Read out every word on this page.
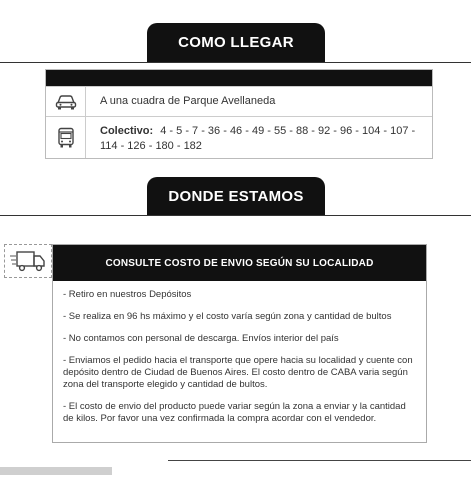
COMO LLEGAR
A una cuadra de Parque Avellaneda
Colectivo: 4 - 5 - 7 - 36 - 46 - 49 - 55 - 88 - 92 - 96 - 104 - 107 - 114 - 126 - 180 - 182
DONDE ESTAMOS
CONSULTE COSTO DE ENVIO SEGÚN SU LOCALIDAD

- Retiro en nuestros Depósitos

- Se realiza en 96 hs máximo y el costo varía según zona y cantidad de bultos

- No contamos con personal de descarga. Envíos interior del país

- Enviamos el pedido hacia el transporte que opere hacia su localidad y cuente con depósito dentro de Ciudad de Buenos Aires. El costo dentro de CABA varia según zona del transporte elegido y cantidad de bultos.

- El costo de envio del producto puede variar según la zona a enviar y la cantidad de kilos. Por favor una vez confirmada la compra acordar con el vendedor.
